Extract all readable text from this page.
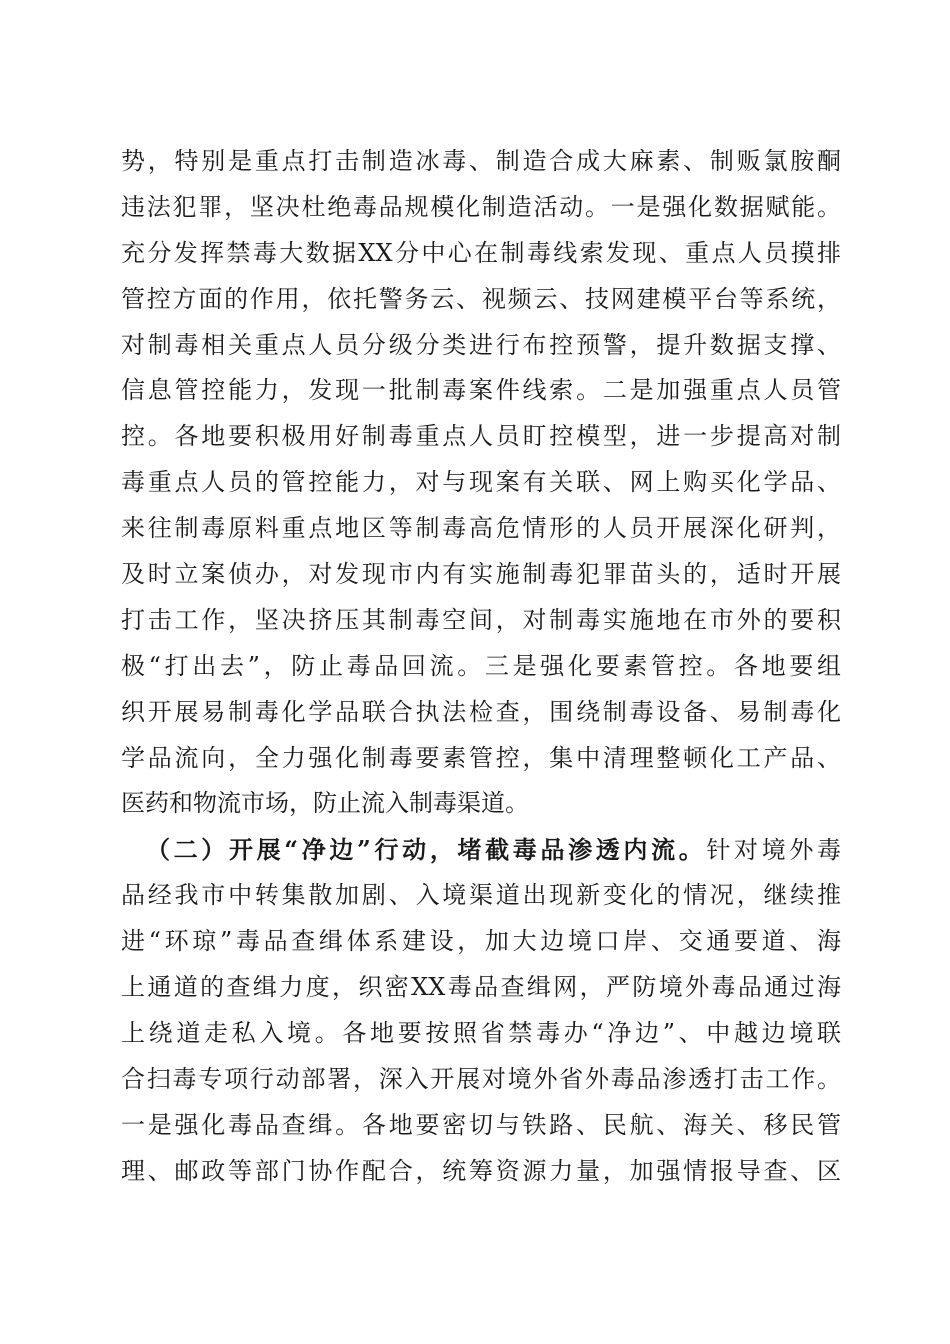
势，特别是重点打击制造冰毒、制造合成大麻素、制贩氯胺酮
违法犯罪，坚决杜绝毒品规模化制造活动。一是强化数据赋能。
充分发挥禁毒大数据XX分中心在制毒线索发现、重点人员摸排
管控方面的作用，依托警务云、视频云、技网建模平台等系统，
对制毒相关重点人员分级分类进行布控预警，提升数据支撑、
信息管控能力，发现一批制毒案件线索。二是加强重点人员管
控。各地要积极用好制毒重点人员盯控模型，进一步提高对制
毒重点人员的管控能力，对与现案有关联、网上购买化学品、
来往制毒原料重点地区等制毒高危情形的人员开展深化研判，
及时立案侦办，对发现市内有实施制毒犯罪苗头的，适时开展
打击工作，坚决挤压其制毒空间，对制毒实施地在市外的要积
极“打出去”，防止毒品回流。三是强化要素管控。各地要组
织开展易制毒化学品联合执法检查，围绕制毒设备、易制毒化
学品流向，全力强化制毒要素管控，集中清理整顿化工产品、
医药和物流市场，防止流入制毒渠道。
（二）开展“净边”行动，堵截毒品渗透内流。针对境外毒
品经我市中转集散加剧、入境渠道出现新变化的情况，继续推
进“环琼”毒品查缉体系建设，加大边境口岸、交通要道、海
上通道的查缉力度，织密XX毒品查缉网，严防境外毒品通过海
上绕道走私入境。各地要按照省禁毒办“净边”、中越边境联
合扫毒专项行动部署，深入开展对境外省外毒品渗透打击工作。
一是强化毒品查缉。各地要密切与铁路、民航、海关、移民管
理、邮政等部门协作配合，统筹资源力量，加强情报导查、区
